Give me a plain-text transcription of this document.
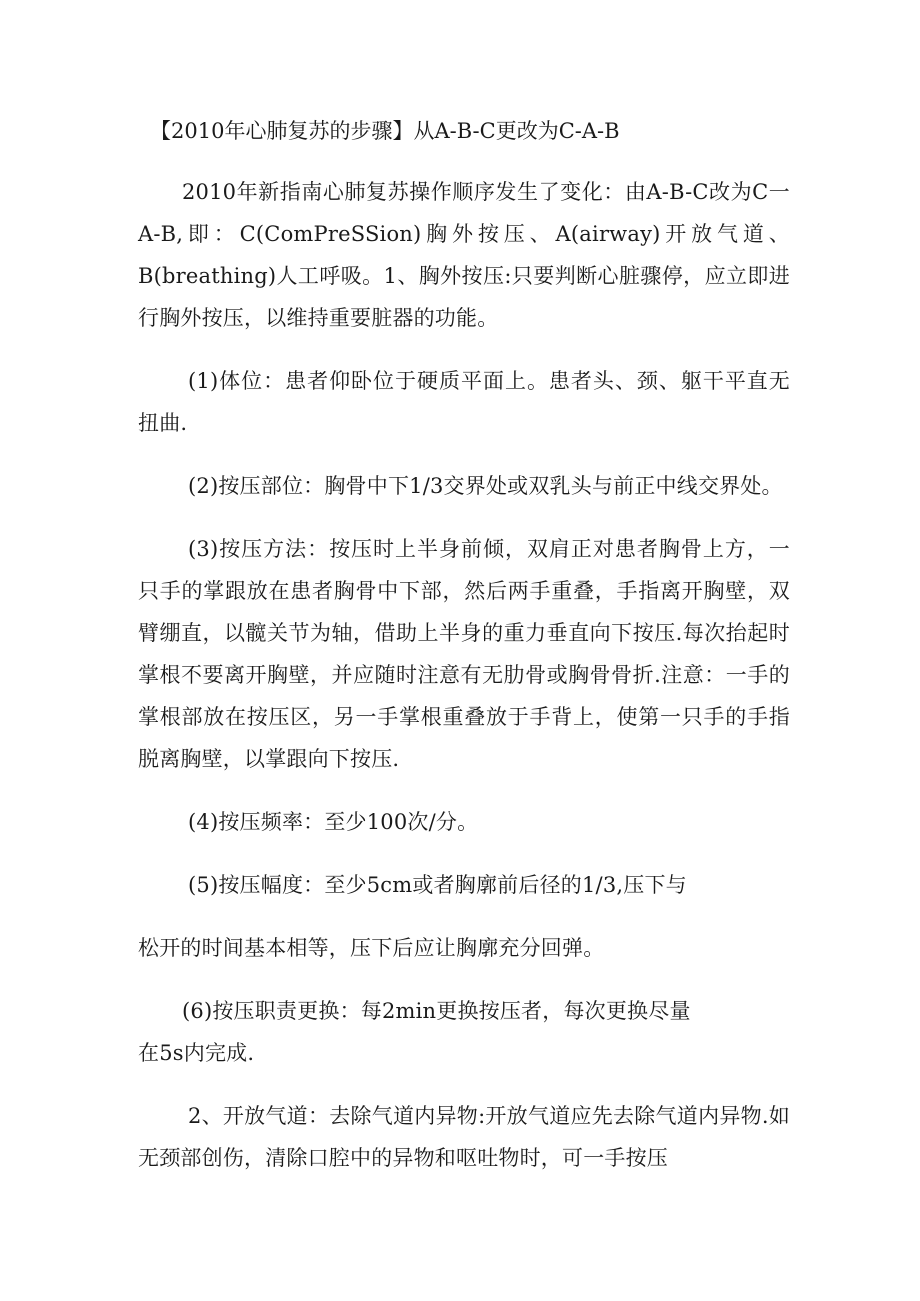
【2010年心肺复苏的步骤】从A-B-C更改为C-A-B

2010年新指南心肺复苏操作顺序发生了变化：由A-B-C改为C一A-B,即：C(ComPreSSion)胸外按压、A(airway)开放气道、B(breathing)人工呼吸。1、胸外按压:只要判断心脏骤停，应立即进行胸外按压，以维持重要脏器的功能。

(1)体位：患者仰卧位于硬质平面上。患者头、颈、躯干平直无扭曲.

(2)按压部位：胸骨中下1/3交界处或双乳头与前正中线交界处。

(3)按压方法：按压时上半身前倾，双肩正对患者胸骨上方，一只手的掌跟放在患者胸骨中下部，然后两手重叠，手指离开胸壁，双臂绷直，以髋关节为轴，借助上半身的重力垂直向下按压.每次抬起时掌根不要离开胸壁，并应随时注意有无肋骨或胸骨骨折.注意：一手的掌根部放在按压区，另一手掌根重叠放于手背上，使第一只手的手指脱离胸壁，以掌跟向下按压.

(4)按压频率：至少100次/分。

(5)按压幅度：至少5cm或者胸廓前后径的1/3,压下与

松开的时间基本相等，压下后应让胸廓充分回弹。

(6)按压职责更换：每2min更换按压者，每次更换尽量

在5s内完成.

2、开放气道：去除气道内异物:开放气道应先去除气道内异物.如无颈部创伤，清除口腔中的异物和呕吐物时，可一手按压
